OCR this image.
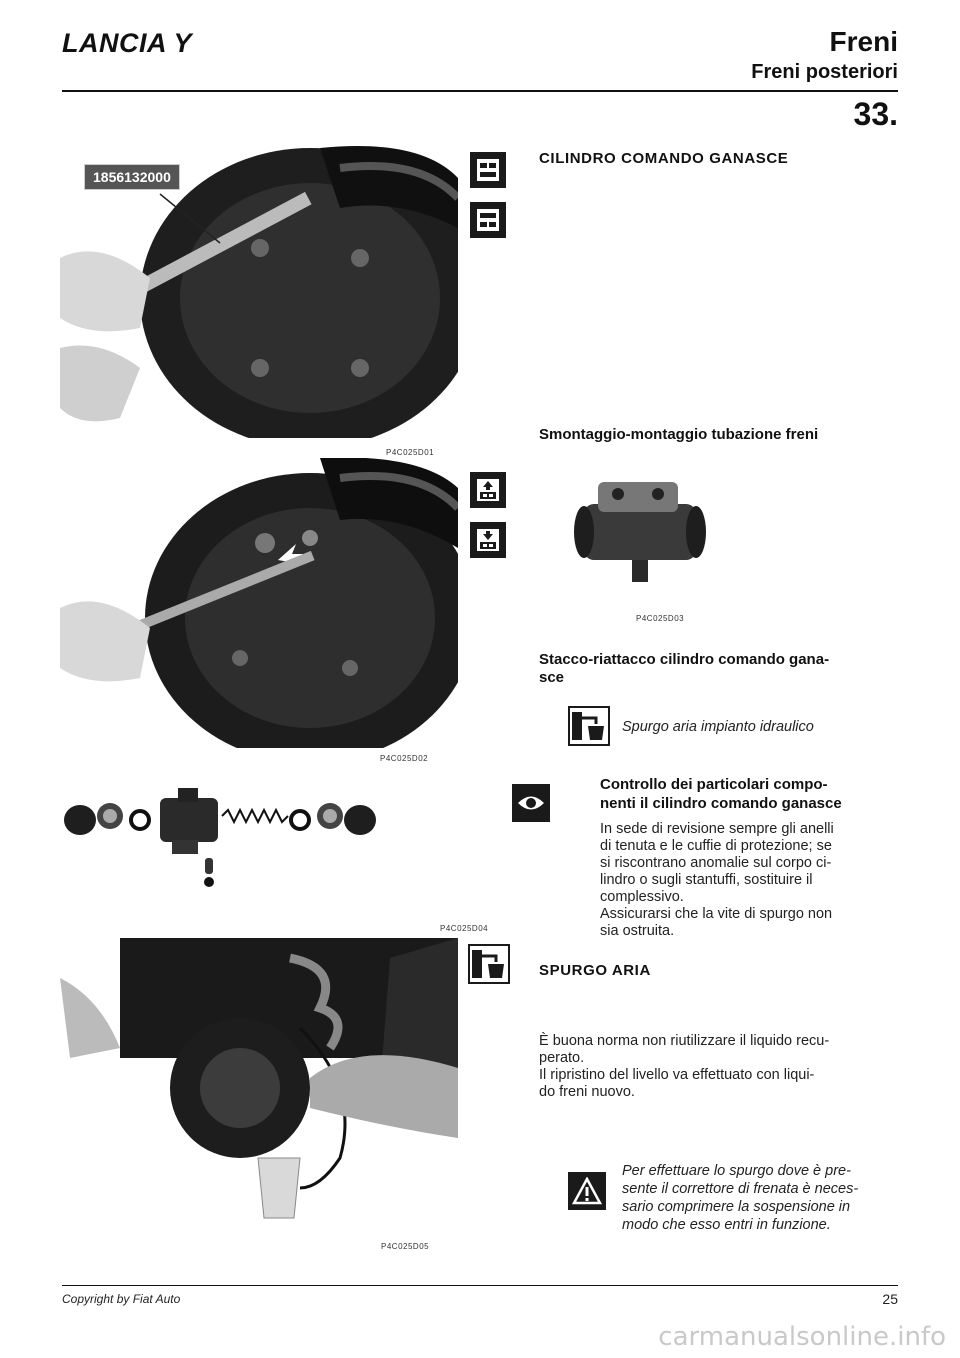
LANCIA Y	Freni
Freni posteriori
33.
1856132000
P4C025D01
P4C025D02
P4C025D04
P4C025D05
CILINDRO COMANDO GANASCE
Smontaggio-montaggio tubazione freni
P4C025D03
Stacco-riattacco cilindro comando gana-
sce
Spurgo aria impianto idraulico
Controllo dei particolari compo-
nenti il cilindro comando ganasce
In sede di revisione sempre gli anelli
di tenuta e le cuffie di protezione; se
si riscontrano anomalie sul corpo ci-
lindro o sugli stantuffi, sostituire il
complessivo.
Assicurarsi che la vite di spurgo non
sia ostruita.
SPURGO ARIA
È buona norma non riutilizzare il liquido recu-
perato.
Il ripristino del livello va effettuato con liqui-
do freni nuovo.
Per effettuare lo spurgo dove è pre-
sente il correttore di frenata è neces-
sario comprimere la sospensione in
modo che esso entri in funzione.
Copyright by Fiat Auto	25
carmanualsonline.info
